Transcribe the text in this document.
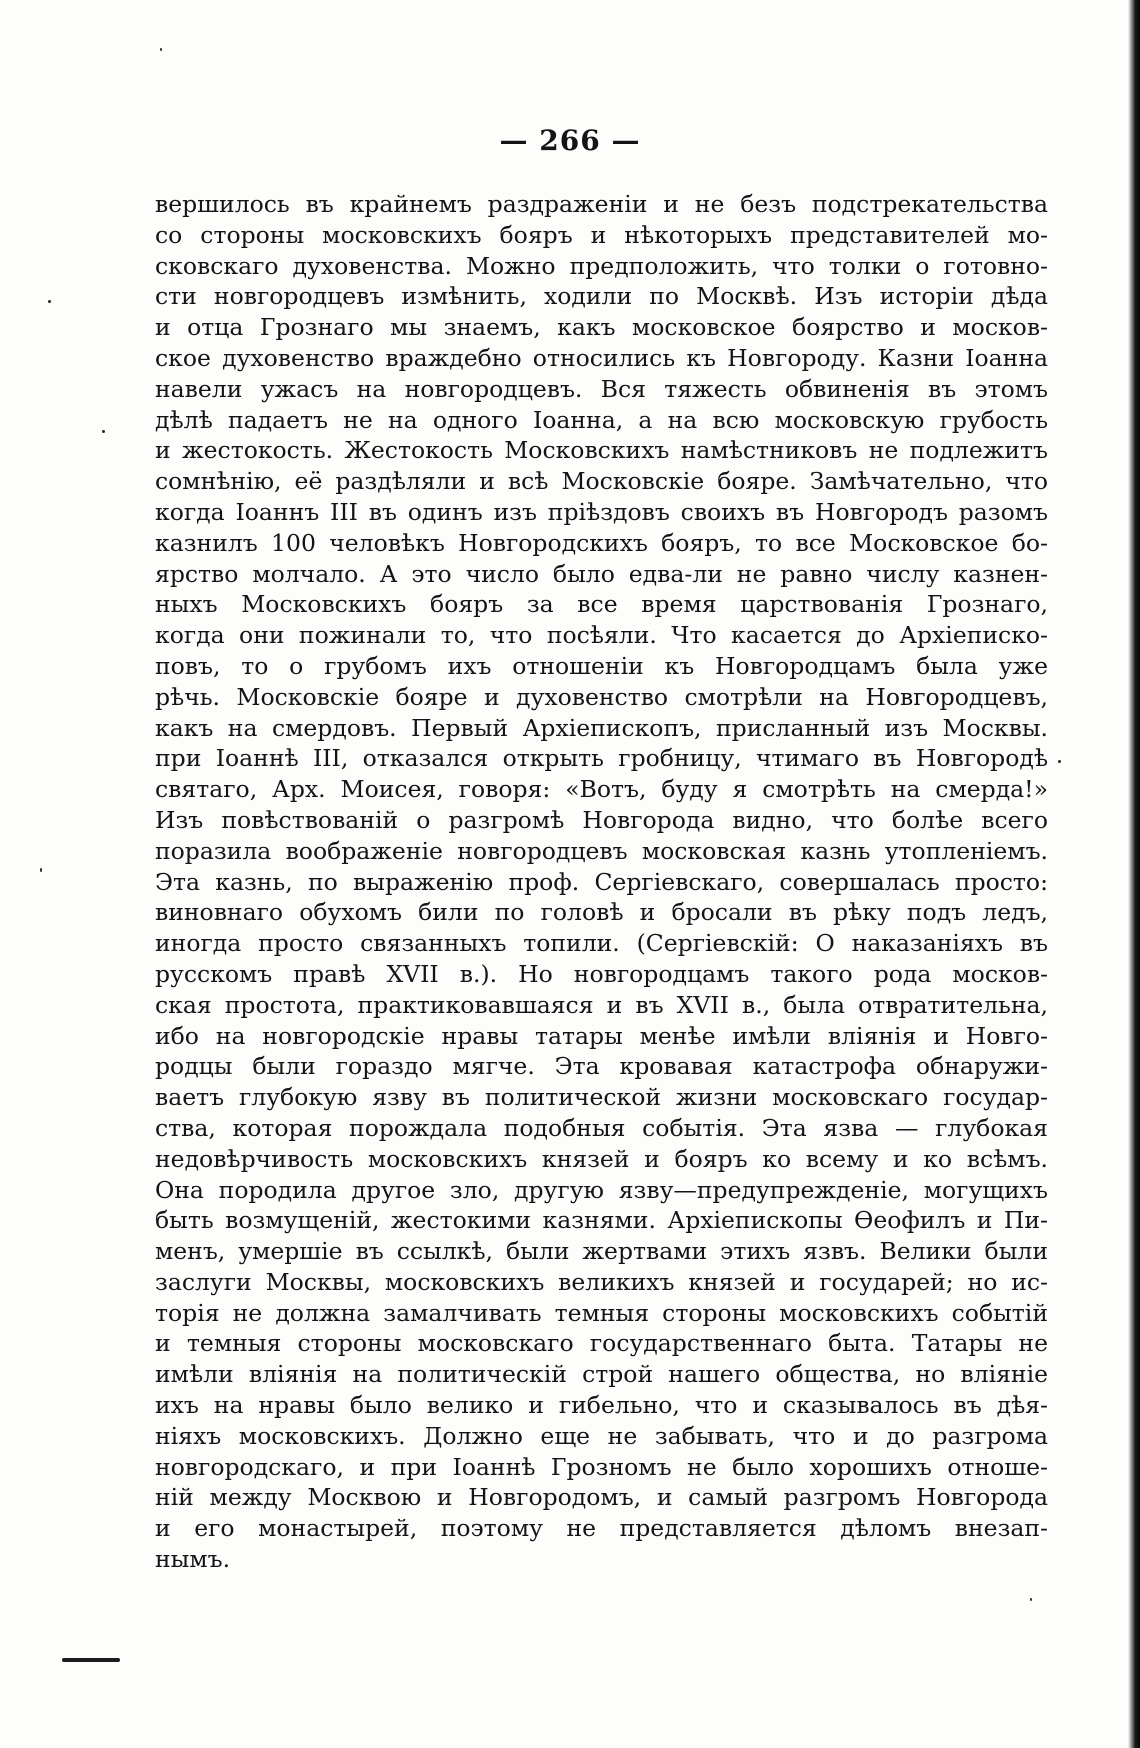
— 266 —
вершилось въ крайнемъ раздраженіи и не безъ подстрекательства
со стороны московскихъ бояръ и нѣкоторыхъ представителей мо-
сковскаго духовенства. Можно предположить, что толки о готовно-
сти новгородцевъ измѣнить, ходили по Москвѣ. Изъ исторіи дѣда
и отца Грознаго мы знаемъ, какъ московское боярство и москов-
ское духовенство враждебно относились къ Новгороду. Казни Іоанна
навели ужасъ на новгородцевъ. Вся тяжесть обвиненія въ этомъ
дѣлѣ падаетъ не на одного Іоанна, а на всю московскую грубость
и жестокость. Жестокость Московскихъ намѣстниковъ не подлежитъ
сомнѣнію, её раздѣляли и всѣ Московскіе бояре. Замѣчательно, что
когда Іоаннъ III въ одинъ изъ пріѣздовъ своихъ въ Новгородъ разомъ
казнилъ 100 человѣкъ Новгородскихъ бояръ, то все Московское бо-
ярство молчало. А это число было едва-ли не равно числу казнен-
ныхъ Московскихъ бояръ за все время царствованія Грознаго,
когда они пожинали то, что посѣяли. Что касается до Архіеписко-
повъ, то о грубомъ ихъ отношеніи къ Новгородцамъ была уже
рѣчь. Московскіе бояре и духовенство смотрѣли на Новгородцевъ,
какъ на смердовъ. Первый Архіепископъ, присланный изъ Москвы.
при Іоаннѣ III, отказался открыть гробницу, чтимаго въ Новгородѣ
святаго, Арх. Моисея, говоря: «Вотъ, буду я смотрѣть на смерда!»
Изъ повѣствованій о разгромѣ Новгорода видно, что болѣе всего
поразила воображеніе новгородцевъ московская казнь утопленіемъ.
Эта казнь, по выраженію проф. Сергіевскаго, совершалась просто:
виновнаго обухомъ били по головѣ и бросали въ рѣку подъ ледъ,
иногда просто связанныхъ топили. (Сергіевскій: О наказаніяхъ въ
русскомъ правѣ XVII в.). Но новгородцамъ такого рода москов-
ская простота, практиковавшаяся и въ XVII в., была отвратительна,
ибо на новгородскіе нравы татары менѣе имѣли вліянія и Новго-
родцы были гораздо мягче. Эта кровавая катастрофа обнаружи-
ваетъ глубокую язву въ политической жизни московскаго государ-
ства, которая порождала подобныя событія. Эта язва — глубокая
недовѣрчивость московскихъ князей и бояръ ко всему и ко всѣмъ.
Она породила другое зло, другую язву—предупрежденіе, могущихъ
быть возмущеній, жестокими казнями. Архіепископы Ѳеофилъ и Пи-
менъ, умершіе въ ссылкѣ, были жертвами этихъ язвъ. Велики были
заслуги Москвы, московскихъ великихъ князей и государей; но ис-
торія не должна замалчивать темныя стороны московскихъ событій
и темныя стороны московскаго государственнаго быта. Татары не
имѣли вліянія на политическій строй нашего общества, но вліяніе
ихъ на нравы было велико и гибельно, что и сказывалось въ дѣя-
ніяхъ московскихъ. Должно еще не забывать, что и до разгрома
новгородскаго, и при Іоаннѣ Грозномъ не было хорошихъ отноше-
ній между Москвою и Новгородомъ, и самый разгромъ Новгорода
и его монастырей, поэтому не представляется дѣломъ внезап-
нымъ.
